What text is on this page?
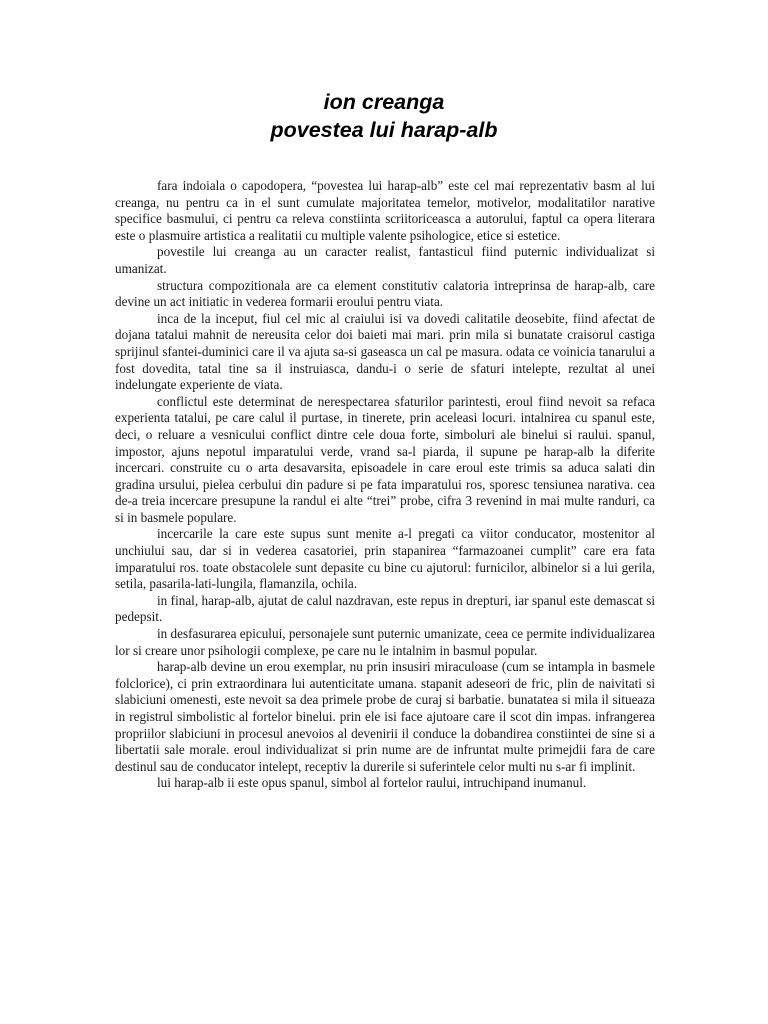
ion creanga
povestea lui harap-alb

fara indoiala o capodopera, “povestea lui harap-alb” este cel mai reprezentativ basm al lui creanga, nu pentru ca in el sunt cumulate majoritatea temelor, motivelor, modalitatilor narative specifice basmului, ci pentru ca releva constiinta scriitoriceasca a autorului, faptul ca opera literara este o plasmuire artistica a realitatii cu multiple valente psihologice, etice si estetice.

povestile lui creanga au un caracter realist, fantasticul fiind puternic individualizat si umanizat.

structura compozitionala are ca element constitutiv calatoria intreprinsa de harap-alb, care devine un act initiatic in vederea formarii eroului pentru viata.

inca de la inceput, fiul cel mic al craiului isi va dovedi calitatile deosebite, fiind afectat de dojana tatalui mahnit de nereusita celor doi baieti mai mari. prin mila si bunatate craisorul castiga sprijinul sfantei-duminici care il va ajuta sa-si gaseasca un cal pe masura. odata ce voinicia tanarului a fost dovedita, tatal tine sa il instruiasca, dandu-i o serie de sfaturi intelepte, rezultat al unei indelungate experiente de viata.

conflictul este determinat de nerespectarea sfaturilor parintesti, eroul fiind nevoit sa refaca experienta tatalui, pe care calul il purtase, in tinerete, prin aceleasi locuri. intalnirea cu spanul este, deci, o reluare a vesnicului conflict dintre cele doua forte, simboluri ale binelui si raului. spanul, impostor, ajuns nepotul imparatului verde, vrand sa-l piarda, il supune pe harap-alb la diferite incercari. construite cu o arta desavarsita, episoadele in care eroul este trimis sa aduca salati din gradina ursului, pielea cerbului din padure si pe fata imparatului ros, sporesc tensiunea narativa. cea de-a treia incercare presupune la randul ei alte “trei” probe, cifra 3 revenind in mai multe randuri, ca si in basmele populare.

incercarile la care este supus sunt menite a-l pregati ca viitor conducator, mostenitor al unchiului sau, dar si in vederea casatoriei, prin stapanirea “farmazoanei cumplit” care era fata imparatului ros. toate obstacolele sunt depasite cu bine cu ajutorul: furnicilor, albinelor si a lui gerila, setila, pasarila-lati-lungila, flamanzila, ochila.

in final, harap-alb, ajutat de calul nazdravan, este repus in drepturi, iar spanul este demascat si pedepsit.

in desfasurarea epicului, personajele sunt puternic umanizate, ceea ce permite individualizarea lor si creare unor psihologii complexe, pe care nu le intalnim in basmul popular.

harap-alb devine un erou exemplar, nu prin insusiri miraculoase (cum se intampla in basmele folclorice), ci prin extraordinara lui autenticitate umana. stapanit adeseori de fric, plin de naivitati si slabiciuni omenesti, este nevoit sa dea primele probe de curaj si barbatie. bunatatea si mila il situeaza in registrul simbolistic al fortelor binelui. prin ele isi face ajutoare care il scot din impas. infrangerea propriilor slabiciuni in procesul anevoios al devenirii il conduce la dobandirea constiintei de sine si a libertatii sale morale. eroul individualizat si prin nume are de infruntat multe primejdii fara de care destinul sau de conducator intelept, receptiv la durerile si suferintele celor multi nu s-ar fi implinit.

lui harap-alb ii este opus spanul, simbol al fortelor raului, intruchipand inumanul.
